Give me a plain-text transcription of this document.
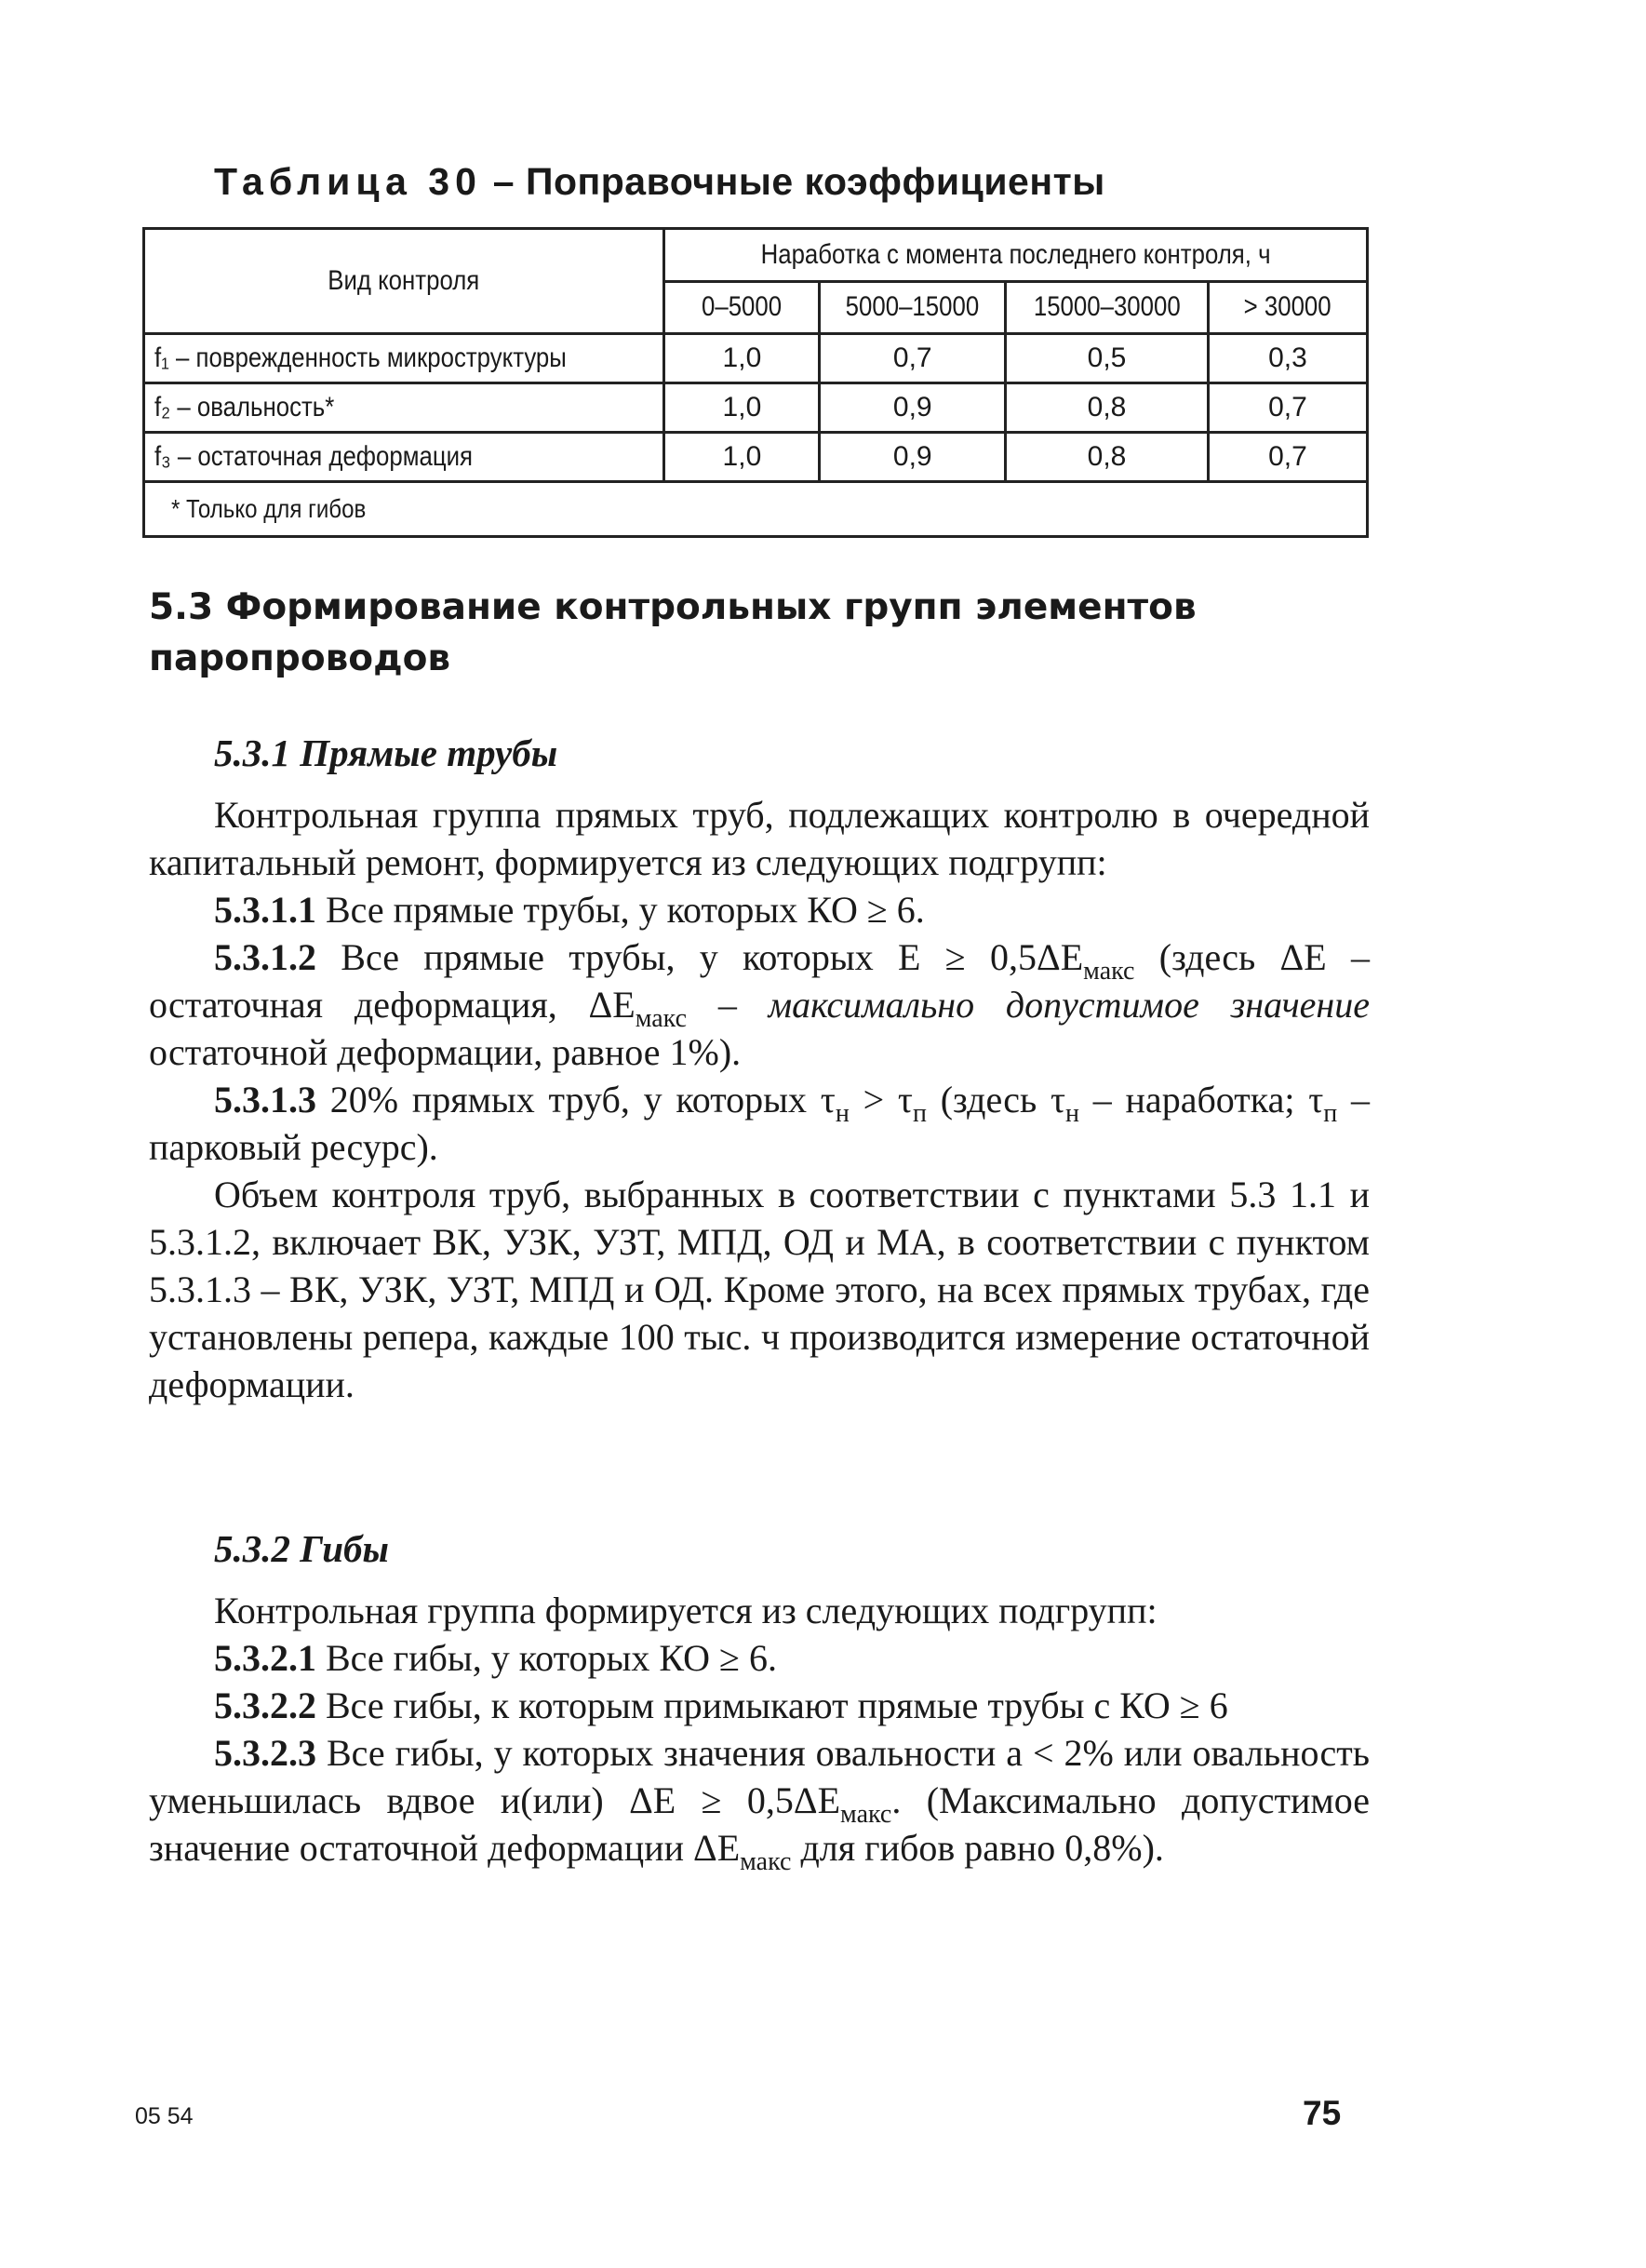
Таблица 30 – Поправочные коэффициенты
Вид контроля	Наработка с момента последнего контроля, ч			
	0–5000	5000–15000	15000–30000	> 30000
f₁ – поврежденность микроструктуры	1,0	0,7	0,5	0,3
f₂ – овальность*	1,0	0,9	0,8	0,7
f₃ – остаточная деформация	1,0	0,9	0,8	0,7
* Только для гибов				
5.3 Формирование контрольных групп элементов паропроводов
5.3.1 Прямые трубы

Контрольная группа прямых труб, подлежащих контролю в очередной капитальный ремонт, формируется из следующих подгрупп:

5.3.1.1 Все прямые трубы, у которых КО ≥ 6.

5.3.1.2 Все прямые трубы, у которых $E \ge 0,5\Delta E_{макс}$ (здесь ΔE – остаточная деформация, $\Delta E_{макс}$ – максимально допустимое значение остаточной деформации, равное 1%).

5.3.1.3 20% прямых труб, у которых $\tau_н > \tau_п$ (здесь $\tau_н$ – наработка; $\tau_п$ – парковый ресурс).

Объем контроля труб, выбранных в соответствии с пунктами 5.3 1.1 и 5.3.1.2, включает ВК, УЗК, УЗТ, МПД, ОД и МА, в соответствии с пунктом 5.3.1.3 – ВК, УЗК, УЗТ, МПД и ОД. Кроме этого, на всех прямых трубах, где установлены репера, каждые 100 тыс. ч производится измерение остаточной деформации.

5.3.2 Гибы

Контрольная группа формируется из следующих подгрупп:

5.3.2.1 Все гибы, у которых КО ≥ 6.

5.3.2.2 Все гибы, к которым примыкают прямые трубы с КО ≥ 6

5.3.2.3 Все гибы, у которых значения овальности а < 2% или овальность уменьшилась вдвое и(или) $\Delta E \ge 0,5\Delta E_{макс}$. (Максимально допустимое значение остаточной деформации $\Delta E_{макс}$ для гибов равно 0,8%).

05 54	75
